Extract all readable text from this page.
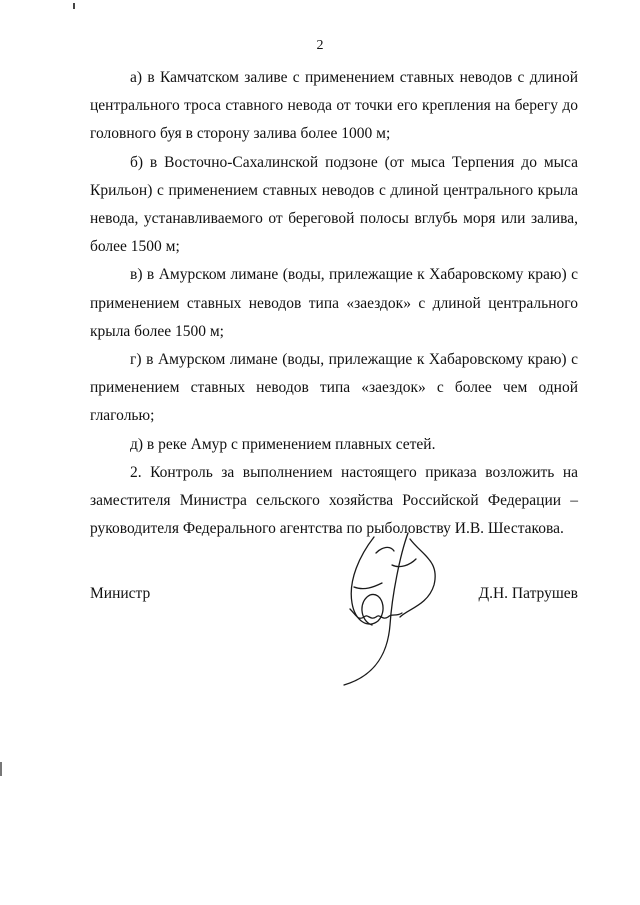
2

а) в Камчатском заливе с применением ставных неводов с длиной центрального троса ставного невода от точки его крепления на берегу до головного буя в сторону залива более 1000 м;

б) в Восточно-Сахалинской подзоне (от мыса Терпения до мыса Крильон) с применением ставных неводов с длиной центрального крыла невода, устанавливаемого от береговой полосы вглубь моря или залива, более 1500 м;

в) в Амурском лимане (воды, прилежащие к Хабаровскому краю) с применением ставных неводов типа «заездок» с длиной центрального крыла более 1500 м;

г) в Амурском лимане (воды, прилежащие к Хабаровскому краю) с применением ставных неводов типа «заездок» с более чем одной глаголью;

д) в реке Амур с применением плавных сетей.

2. Контроль за выполнением настоящего приказа возложить на заместителя Министра сельского хозяйства Российской Федерации – руководителя Федерального агентства по рыболовству И.В. Шестакова.

Министр	Д.Н. Патрушев
